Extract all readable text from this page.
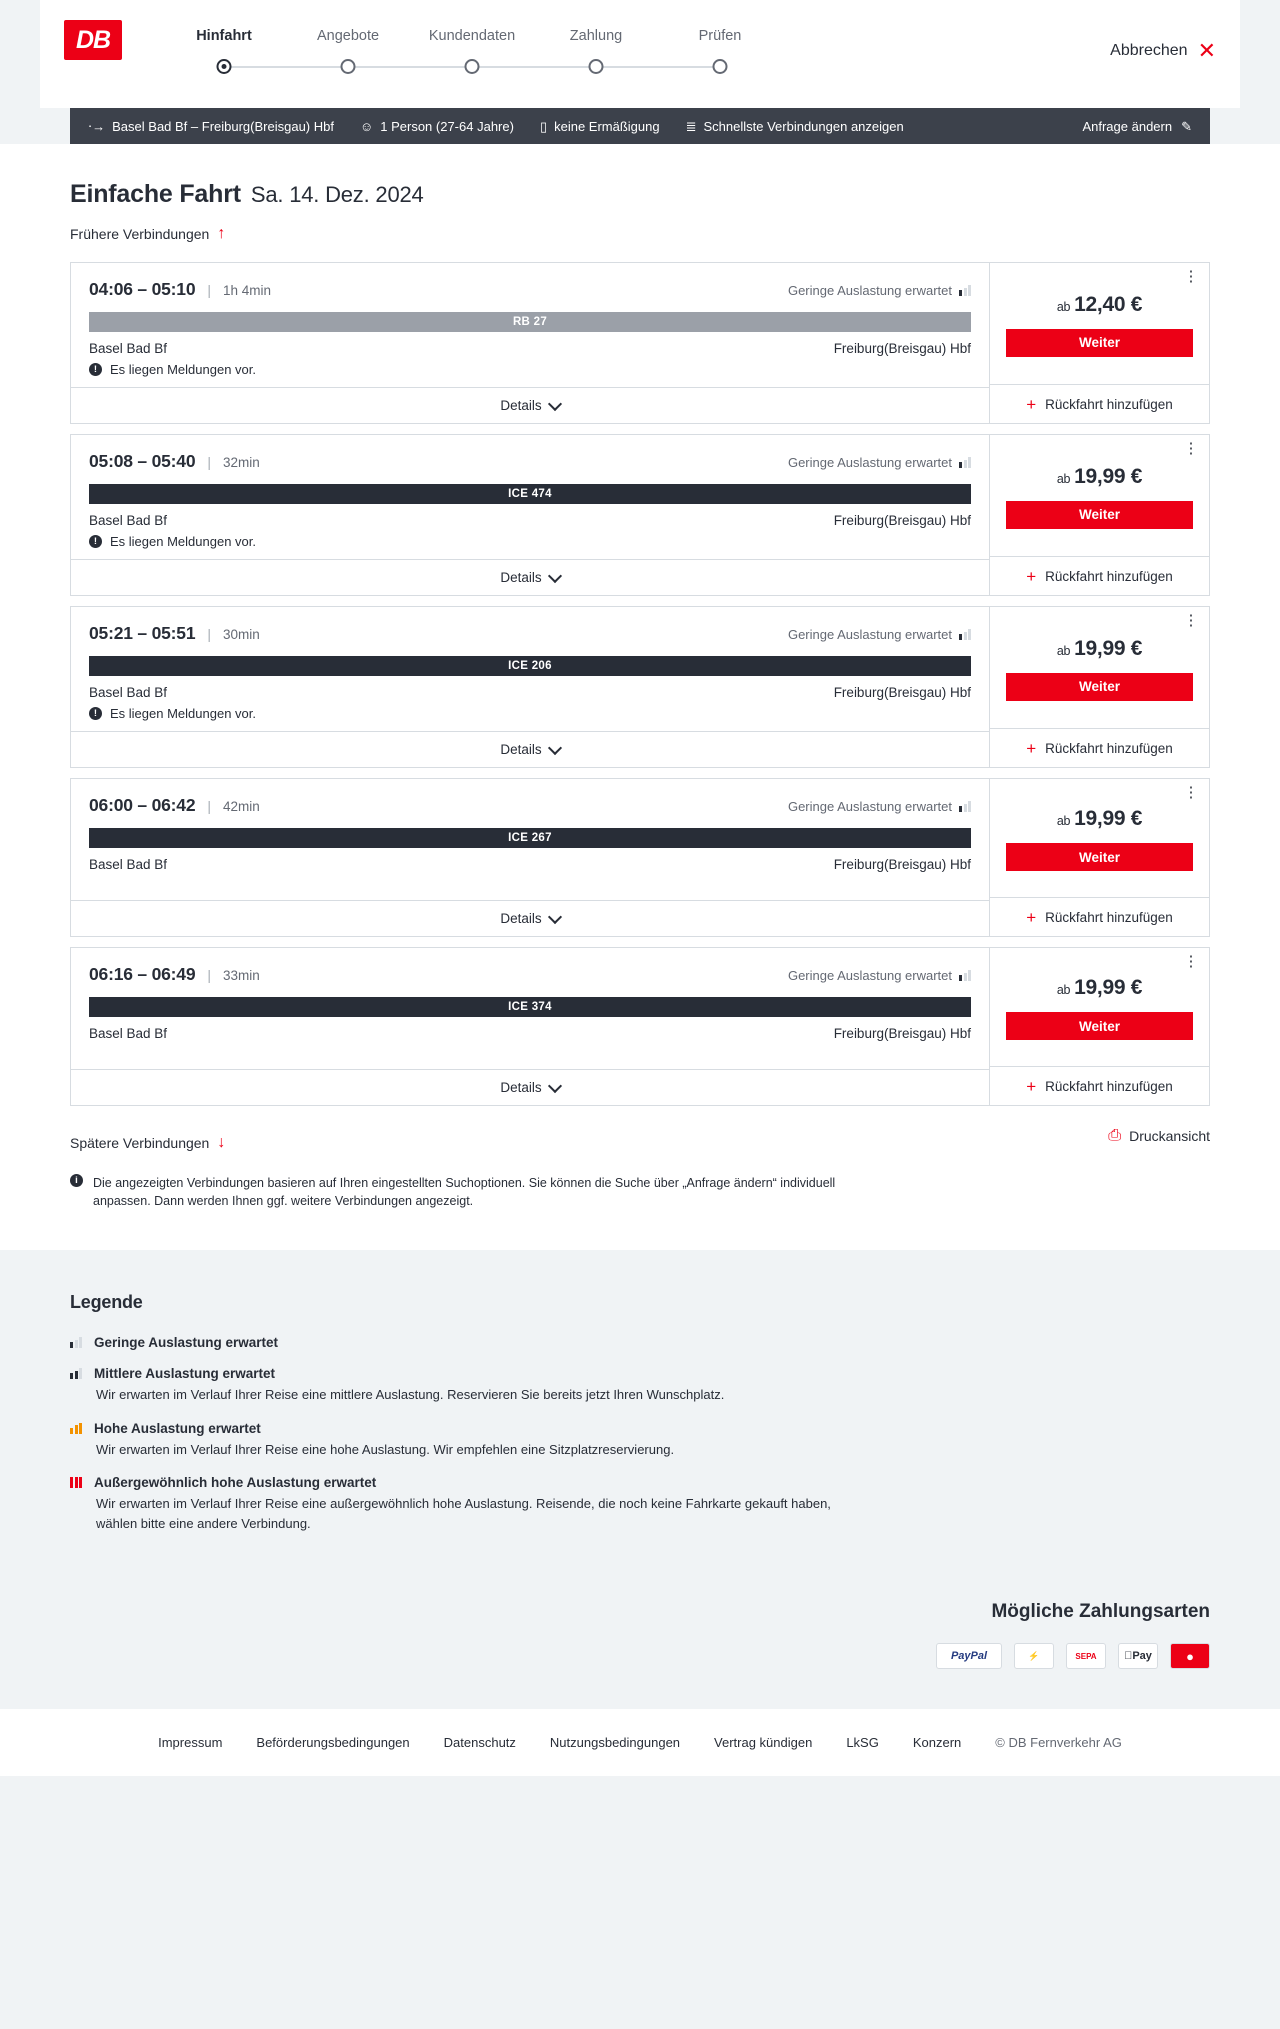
DB	Hinfahrt	Angebote	Kundendaten	Zahlung	Prüfen
Abbrechen ✕
⋅→ Basel Bad Bf – Freiburg(Breisgau) Hbf ☺ 1 Person (27-64 Jahre) ▯ keine Ermäßigung ≣ Schnellste Verbindungen anzeigen	Anfrage ändern ✎
Einfache Fahrt Sa. 14. Dez. 2024
Frühere Verbindungen ↑
04:06 – 05:10 | 1h 4min	Geringe Auslastung erwartet
RB 27
Basel Bad Bf	Freiburg(Breisgau) Hbf
! Es liegen Meldungen vor.
Details
⋮
ab 12,40 €
Weiter
+ Rückfahrt hinzufügen
05:08 – 05:40 | 32min	Geringe Auslastung erwartet
ICE 474
Basel Bad Bf	Freiburg(Breisgau) Hbf
! Es liegen Meldungen vor.
Details
⋮
ab 19,99 €
Weiter
+ Rückfahrt hinzufügen
05:21 – 05:51 | 30min	Geringe Auslastung erwartet
ICE 206
Basel Bad Bf	Freiburg(Breisgau) Hbf
! Es liegen Meldungen vor.
Details
⋮
ab 19,99 €
Weiter
+ Rückfahrt hinzufügen
06:00 – 06:42 | 42min	Geringe Auslastung erwartet
ICE 267
Basel Bad Bf	Freiburg(Breisgau) Hbf
Details
⋮
ab 19,99 €
Weiter
+ Rückfahrt hinzufügen
06:16 – 06:49 | 33min	Geringe Auslastung erwartet
ICE 374
Basel Bad Bf	Freiburg(Breisgau) Hbf
Details
⋮
ab 19,99 €
Weiter
+ Rückfahrt hinzufügen
Spätere Verbindungen ↓	⎙ Druckansicht
i	Die angezeigten Verbindungen basieren auf Ihren eingestellten Suchoptionen. Sie können die Suche über „Anfrage ändern“ individuell anpassen. Dann werden Ihnen ggf. weitere Verbindungen angezeigt.
Legende
Geringe Auslastung erwartet
Mittlere Auslastung erwartet
Wir erwarten im Verlauf Ihrer Reise eine mittlere Auslastung. Reservieren Sie bereits jetzt Ihren Wunschplatz.
Hohe Auslastung erwartet
Wir erwarten im Verlauf Ihrer Reise eine hohe Auslastung. Wir empfehlen eine Sitzplatzreservierung.
Außergewöhnlich hohe Auslastung erwartet
Wir erwarten im Verlauf Ihrer Reise eine außergewöhnlich hohe Auslastung. Reisende, die noch keine Fahrkarte gekauft haben, wählen bitte eine andere Verbindung.
Mögliche Zahlungsarten
PayPal	⚡	SEPA	Pay	●
Impressum	Beförderungsbedingungen	Datenschutz	Nutzungsbedingungen	Vertrag kündigen	LkSG	Konzern	© DB Fernverkehr AG
